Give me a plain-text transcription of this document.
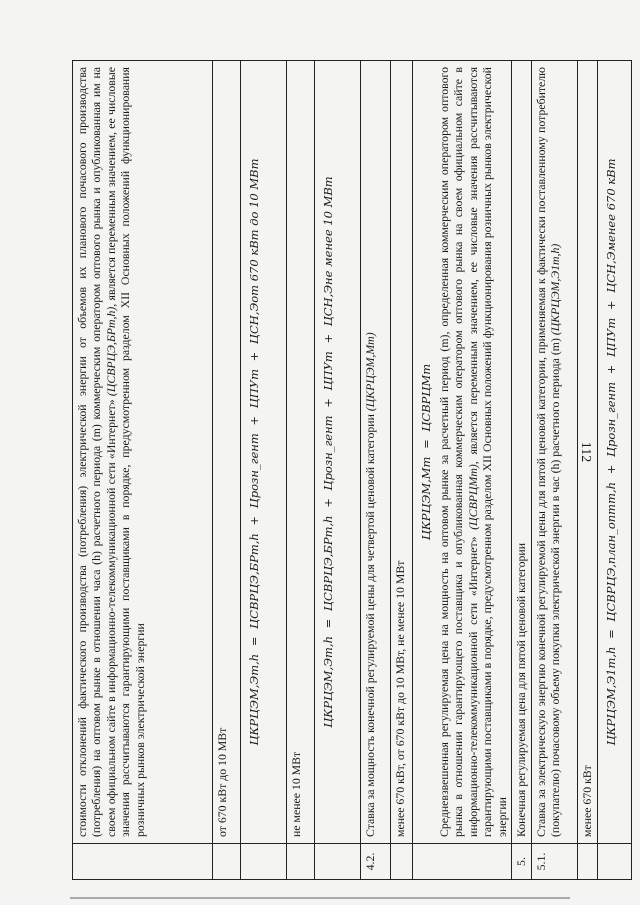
112
	стоимости отклонений фактического производства (потребления) электрической энергии от объемов их планового почасового производства (потребления) на оптовом рынке в отношении часа (h) расчетного периода (m) коммерческим оператором оптового рынка и опубликованная им на своем официальном сайте в информационно-телекоммуникационной сети «Интернет» (ЦСВРЦЭ,БРm,h), является переменным значением, ее числовые значения рассчитываются гарантирующими поставщиками в порядке, предусмотренном разделом XII Основных положений функционирования розничных рынков электрической энергии
	от 670 кВт до 10 МВт

	ЦКРЦЭМ,Эm,h = ЦСВРЦЭ,БРm,h + Црозн_генm + ЦПУm + ЦСН,Эот 670 кВт до 10 МВт

	не менее 10 МВт

	ЦКРЦЭМ,Эm,h = ЦСВРЦЭ,БРm,h + Црозн_генm + ЦПУm + ЦСН,Эне менее 10 МВт

4.2.	Ставка за мощность конечной регулируемой цены для четвертой ценовой категории (ЦКРЦЭМ,Мm)
	менее 670 кВт, от 670 кВт до 10 МВт, не менее 10 МВт

	ЦКРЦЭМ,Мm = ЦСВРЦМm Средневзвешенная регулируемая цена на мощность на оптовом рынке за расчетный период (m), определенная коммерческим оператором оптового рынка в отношении гарантирующего поставщика и опубликованная коммерческим оператором оптового рынка на своем официальном сайте в информационно-телекоммуникационной сети «Интернет» (ЦСВРЦМm), является переменным значением, ее числовые значения рассчитываются гарантирующими поставщиками в порядке, предусмотренном разделом XII Основных положений функционирования розничных рынков электрической энергии
5.	Конечная регулируемая цена для пятой ценовой категории
5.1.	Ставка за электрическую энергию конечной регулируемой цены для пятой ценовой категории, применяемая к фактически поставленному потребителю (покупателю) почасовому объему покупки электрической энергии в час (h) расчетного периода (m) (ЦКРЦЭМ,Э1m,h)
	менее 670 кВт

	ЦКРЦЭМ,Э1m,h = ЦСВРЦЭ,план_оптm,h + Црозн_генm + ЦПУm + ЦСН,Эменее 670 кВт
